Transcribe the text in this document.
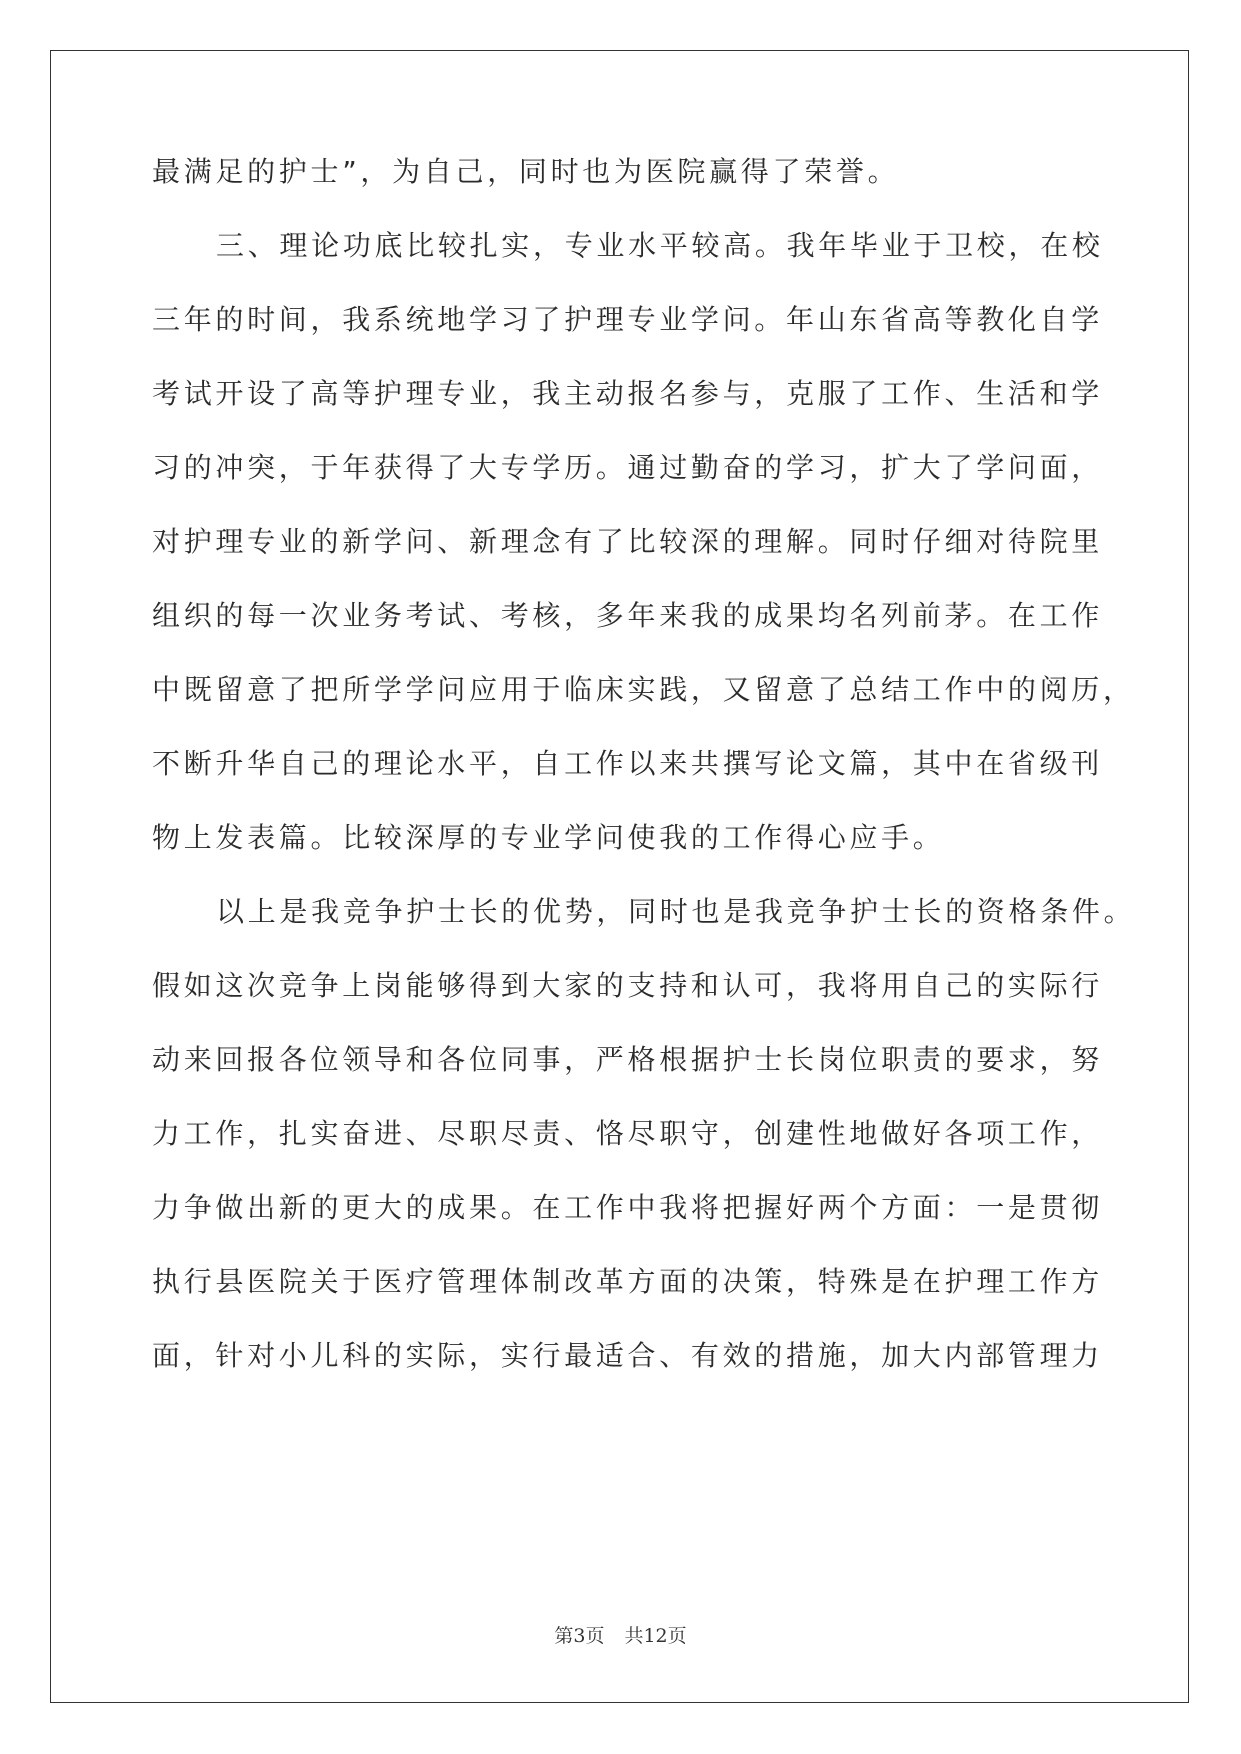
最满足的护士”，为自己，同时也为医院赢得了荣誉。
三、理论功底比较扎实，专业水平较高。我年毕业于卫校，在校
三年的时间，我系统地学习了护理专业学问。年山东省高等教化自学
考试开设了高等护理专业，我主动报名参与，克服了工作、生活和学
习的冲突，于年获得了大专学历。通过勤奋的学习，扩大了学问面，
对护理专业的新学问、新理念有了比较深的理解。同时仔细对待院里
组织的每一次业务考试、考核，多年来我的成果均名列前茅。在工作
中既留意了把所学学问应用于临床实践，又留意了总结工作中的阅历，
不断升华自己的理论水平，自工作以来共撰写论文篇，其中在省级刊
物上发表篇。比较深厚的专业学问使我的工作得心应手。
以上是我竞争护士长的优势，同时也是我竞争护士长的资格条件。
假如这次竞争上岗能够得到大家的支持和认可，我将用自己的实际行
动来回报各位领导和各位同事，严格根据护士长岗位职责的要求，努
力工作，扎实奋进、尽职尽责、恪尽职守，创建性地做好各项工作，
力争做出新的更大的成果。在工作中我将把握好两个方面：一是贯彻
执行县医院关于医疗管理体制改革方面的决策，特殊是在护理工作方
面，针对小儿科的实际，实行最适合、有效的措施，加大内部管理力
第3页 共12页
